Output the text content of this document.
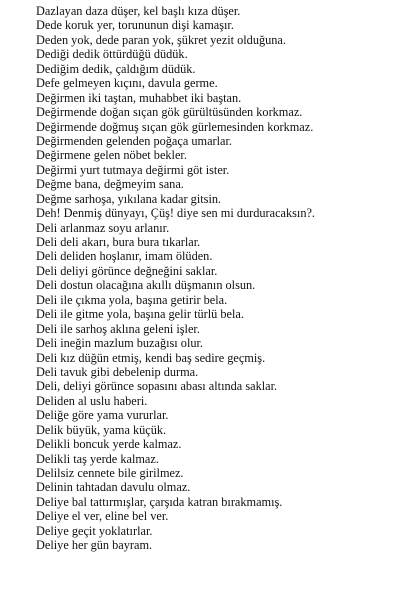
Dazlayan daza düşer, kel başlı kıza düşer.
Dede koruk yer, torununun dişi kamaşır.
Deden yok, dede paran yok, şükret yezit olduğuna.
Dediği dedik öttürdüğü düdük.
Dediğim dedik, çaldığım düdük.
Defe gelmeyen kıçını, davula germe.
Değirmen iki taştan, muhabbet iki baştan.
Değirmende doğan sıçan gök gürültüsünden korkmaz.
Değirmende doğmuş sıçan gök gürlemesinden korkmaz.
Değirmenden gelenden poğaça umarlar.
Değirmene gelen nöbet bekler.
Değirmi yurt tutmaya değirmi göt ister.
Değme bana, değmeyim sana.
Değme sarhoşa, yıkılana kadar gitsin.
Deh! Denmiş dünyayı, Çüş! diye sen mi durduracaksın?.
Deli arlanmaz soyu arlanır.
Deli deli akarı, bura bura tıkarlar.
Deli deliden hoşlanır, imam ölüden.
Deli deliyi görünce değneğini saklar.
Deli dostun olacağına akıllı düşmanın olsun.
Deli ile çıkma yola, başına getirir bela.
Deli ile gitme yola, başına gelir türlü bela.
Deli ile sarhoş aklına geleni işler.
Deli ineğin mazlum buzağısı olur.
Deli kız düğün etmiş, kendi baş sedire geçmiş.
Deli tavuk gibi debelenip durma.
Deli, deliyi görünce sopasını abası altında saklar.
Deliden al uslu haberi.
Deliğe göre yama vururlar.
Delik büyük, yama küçük.
Delikli boncuk yerde kalmaz.
Delikli taş yerde kalmaz.
Delilsiz cennete bile girilmez.
Delinin tahtadan davulu olmaz.
Deliye bal tattırmışlar, çarşıda katran bırakmamış.
Deliye el ver, eline bel ver.
Deliye geçit yoklatırlar.
Deliye her gün bayram.
